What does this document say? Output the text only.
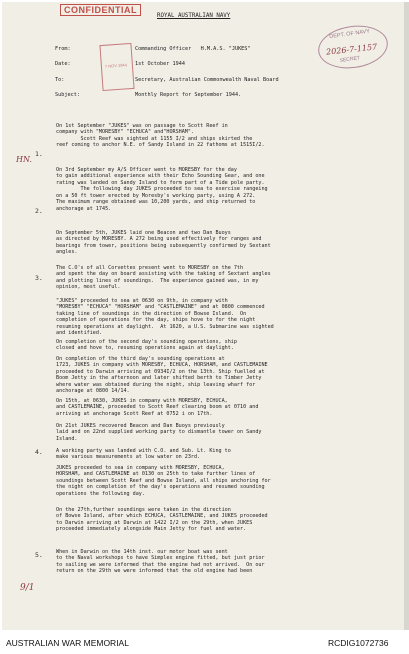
CONFIDENTIAL
ROYAL AUSTRALIAN NAVY
7 NOV 1944
DEPT. OF NAVY
SECRET
2026-7-1157
From:	Commanding Officer   H.M.A.S. "JUKES"
Date:	1st October 1944
To:	Secretary, Australian Commonwealth Naval Board
Subject:	Monthly Report for September 1944.
1.
HN.
2.
3.
4.
5.
9/1
On 1st September "JUKES" was on passage to Scott Reef in
company with "MORESBY" "ECHUCA" and"HORSHAM".
Scott Reef was sighted at 1155 I/2 and ships skirted the
reef coming to anchor N.E. of Sandy Island in 22 fathoms at 1515I/2.
On 3rd September my A/S Officer went to MORESBY for the day
to gain additional experience with their Echo Sounding Gear, and one
rating was landed on Sandy Island to form part of a Tide pole party.
The following day JUKES proceeded to sea to exercise rangeing
on a 50 ft tower erected by Moresby's working party, using A 272.
The maximum range obtained was 10,200 yards, and ship returned to
anchorage at 1745.
On September 5th, JUKES laid one Beacon and two Dan Buoys
as directed by MORESBY. A 272 being used effectively for ranges and
bearings from tower, positions being subsequently confirmed by Sextant
angles.
The C.O's of all Corvettes present went to MORESBY on the 7th
and spent the day on board assisting with the taking of Sextant angles
and plotting lines of soundings.  The experience gained was, in my
opinion, most useful.
"JUKES" proceeded to sea at 0630 on 9th, in company with
"MORESBY" "ECHUCA" "HORSHAM" and "CASTLEMAINE" and at 0800 commenced
taking line of soundings in the direction of Bowse Island.  On
completion of operations for the day, ships hove to for the night
resuming operations at daylight.  At 1620, a U.S. Submarine was sighted
and identified.
On completion of the second day's sounding operations, ship
closed and hove to, resuming operations again at daylight.
On completion of the third day's sounding operations at
1723, JUKES in company with MORESBY, ECHUCA, HORSHAM, and CASTLEMAINE
proceeded to Darwin arriving at 0934I/2 on the 13th. Ship fuelled at
Boom Jetty in the afternoon and later shifted berth to Timber Jetty
where water was obtained during the night, ship leaving wharf for
anchorage at 0800 14/14.
On 15th, at 0630, JUKES in company with MORESBY, ECHUCA,
and CASTLEMAINE, proceeded to Scott Reef clearing boom at 0710 and
arriving at anchorage Scott Reef at 0752 i on 17th.
On 21st JUKES recovered Beacon and Dan Buoys previously
laid and on 22nd supplied working party to dismantle tower on Sandy
Island.
A working party was landed with C.O. and Sub. Lt. King to
make various measurements at low water on 23rd.
JUKES proceeded to sea in company with MORESBY, ECHUCA,
HORSHAM, and CASTLEMAINE at 0130 on 25th to take further lines of
soundings between Scott Reef and Bowse Island, all ships anchoring for
the night on completion of the day's operations and resumed sounding
operations the following day.
On the 27th,further soundings were taken in the direction
of Bowse Island, after which ECHUCA, CASTLEMAINE, and JUKES proceeded
to Darwin arriving at Darwin at 1422 I/2 on the 29th, when JUKES
proceeded immediately alongside Main Jetty for fuel and water.
When in Darwin on the 14th inst. our motor boat was sent
to the Naval workshops to have Simplex engine fitted, but just prior
to sailing we were informed that the engine had not arrived.  On our
return on the 29th we were informed that the old engine had been
AUSTRALIAN WAR MEMORIAL	RCDIG1072736
